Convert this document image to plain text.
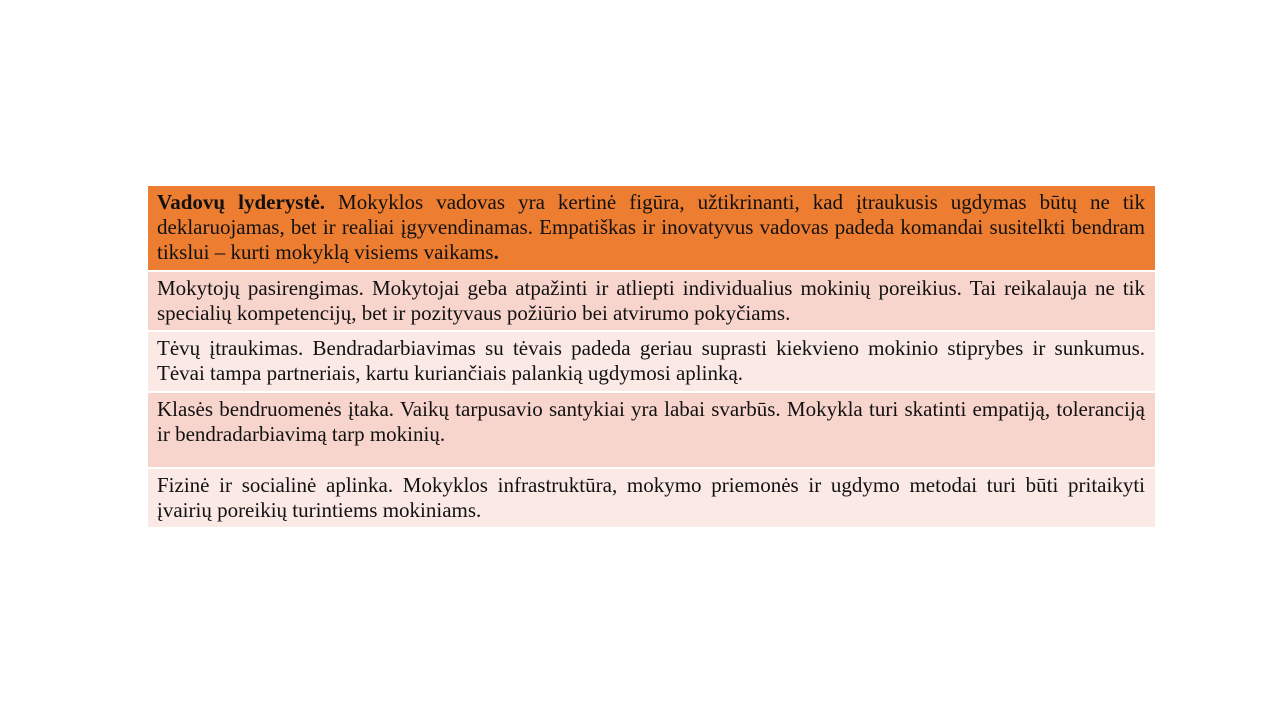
Vadovų lyderystė. Mokyklos vadovas yra kertinė figūra, užtikrinanti, kad įtraukusis ugdymas būtų ne tik deklaruojamas, bet ir realiai įgyvendinamas. Empatiškas ir inovatyvus vadovas padeda komandai susitelkti bendram tikslui – kurti mokyklą visiems vaikams.
Mokytojų pasirengimas. Mokytojai geba atpažinti ir atliepti individualius mokinių poreikius. Tai reikalauja ne tik specialių kompetencijų, bet ir pozityvaus požiūrio bei atvirumo pokyčiams.
Tėvų įtraukimas. Bendradarbiavimas su tėvais padeda geriau suprasti kiekvieno mokinio stiprybes ir sunkumus. Tėvai tampa partneriais, kartu kuriančiais palankią ugdymosi aplinką.
Klasės bendruomenės įtaka. Vaikų tarpusavio santykiai yra labai svarbūs. Mokykla turi skatinti empatiją, toleranciją ir bendradarbiavimą tarp mokinių.
Fizinė ir socialinė aplinka. Mokyklos infrastruktūra, mokymo priemonės ir ugdymo metodai turi būti pritaikyti įvairių poreikių turintiems mokiniams.
